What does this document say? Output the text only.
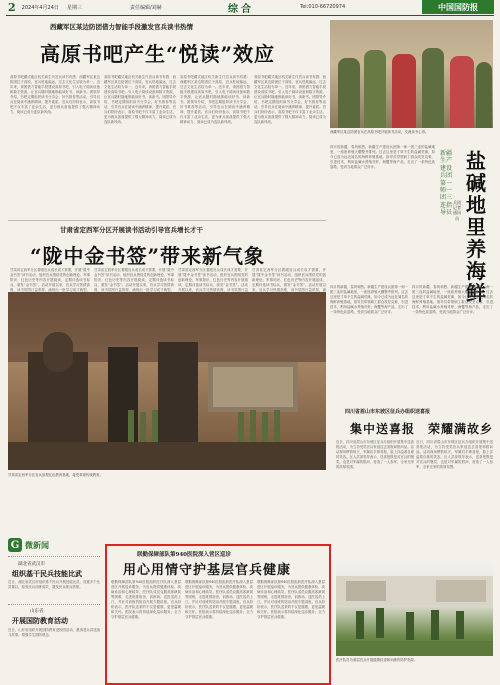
2 2024年4月24日 星期三	责任编辑/刘赫	综合	Tel:010-66720974	中国国防报
西藏军区某边防团借力智能手段激发官兵读书热情
高原书吧产生“悦读”效应
高原书吧藏式地区机关新生代官兵读书有感：西藏军区某边防团位于高原，官兵驻地偏远，过去文化生活较为单一。近年来，该团借力智能手段建设高原书吧，引入电子阅读设备和数字资源，让官兵随时随地都能读好书、读新书。团领导介绍，书吧定期组织读书分享会、好书推荐等活动，引导官兵在阅读中涵养精神、提升素质。官兵们纷纷表示，高原书吧不仅丰富了业余生活，更为练兵备战提供了强大精神动力，阅读已成为连队新风尚。
高原书吧藏式地区机关新生代官兵读书有感：西藏军区某边防团位于高原，官兵驻地偏远，过去文化生活较为单一。近年来，该团借力智能手段建设高原书吧，引入电子阅读设备和数字资源，让官兵随时随地都能读好书、读新书。团领导介绍，书吧定期组织读书分享会、好书推荐等活动，引导官兵在阅读中涵养精神、提升素质。官兵们纷纷表示，高原书吧不仅丰富了业余生活，更为练兵备战提供了强大精神动力，阅读已成为连队新风尚。
高原书吧藏式地区机关新生代官兵读书有感：西藏军区某边防团位于高原，官兵驻地偏远，过去文化生活较为单一。近年来，该团借力智能手段建设高原书吧，引入电子阅读设备和数字资源，让官兵随时随地都能读好书、读新书。团领导介绍，书吧定期组织读书分享会、好书推荐等活动，引导官兵在阅读中涵养精神、提升素质。官兵们纷纷表示，高原书吧不仅丰富了业余生活，更为练兵备战提供了强大精神动力，阅读已成为连队新风尚。
高原书吧藏式地区机关新生代官兵读书有感：西藏军区某边防团位于高原，官兵驻地偏远，过去文化生活较为单一。近年来，该团借力智能手段建设高原书吧，引入电子阅读设备和数字资源，让官兵随时随地都能读好书、读新书。团领导介绍，书吧定期组织读书分享会、好书推荐等活动，引导官兵在阅读中涵养精神、提升素质。官兵们纷纷表示，高原书吧不仅丰富了业余生活，更为练兵备战提供了强大精神动力，阅读已成为连队新风尚。
西藏军区某边防团官兵在高原书吧开展读书活动，交流读书心得。
新疆生产建设兵团第一师一团三连指导员
兵团记者 通讯员
盐碱地里养海鲜
四月的新疆，春风和煦。新疆生产建设兵团第一师一团三连的盐碱地里，一座座养殖大棚整齐排列。过去这里是寸草不生的盐碱荒滩，如今已成为远近闻名的海鲜养殖基地。指导员带领职工群众攻坚克难，引进技术，利用盐碱水养殖对虾、海蟹等海产品，走出了一条特色致富路，受到当地群众广泛好评。
四月的新疆，春风和煦。新疆生产建设兵团第一师一团三连的盐碱地里，一座座养殖大棚整齐排列。过去这里是寸草不生的盐碱荒滩，如今已成为远近闻名的海鲜养殖基地。指导员带领职工群众攻坚克难，引进技术，利用盐碱水养殖对虾、海蟹等海产品，走出了一条特色致富路，受到当地群众广泛好评。
四月的新疆，春风和煦。新疆生产建设兵团第一师一团三连的盐碱地里，一座座养殖大棚整齐排列。过去这里是寸草不生的盐碱荒滩，如今已成为远近闻名的海鲜养殖基地。指导员带领职工群众攻坚克难，引进技术，利用盐碱水养殖对虾、海蟹等海产品，走出了一条特色致富路，受到当地群众广泛好评。
甘肃省定西军分区开展读书活动引导官兵增长才干
“陇中金书签”带来新气象
甘肃省定西军分区着眼官兵成长成才需要，开展“陇中金书签”读书活动，组织官兵围绕党的创新理论、军事知识、红色历史等内容开展阅读，定期评选读书标兵，颁发“金书签”。活动开展以来，官兵学习热情高涨，读书氛围日益浓厚，涌现出一批学习成才典型。
甘肃省定西军分区着眼官兵成长成才需要，开展“陇中金书签”读书活动，组织官兵围绕党的创新理论、军事知识、红色历史等内容开展阅读，定期评选读书标兵，颁发“金书签”。活动开展以来，官兵学习热情高涨，读书氛围日益浓厚，涌现出一批学习成才典型。
甘肃省定西军分区着眼官兵成长成才需要，开展“陇中金书签”读书活动，组织官兵围绕党的创新理论、军事知识、红色历史等内容开展阅读，定期评选读书标兵，颁发“金书签”。活动开展以来，官兵学习热情高涨，读书氛围日益
甘肃省定西军分区着眼官兵成长成才需要，开展“陇中金书签”读书活动，组织官兵围绕党的创新理论、军事知识、红色历史等内容开展阅读，定期评选读书标兵，颁发“金书签”。活动开展以来，官兵学习热情高涨，读书氛围日益浓厚，涌
甘肃省定西军分区官兵参观红色教育基地，接受革命传统教育。
四川省眉山市东坡区征兵办组织送喜报
集中送喜报　荣耀满故乡
近日，四川省眉山市东坡区征兵办组织开展集中送喜报活动，为立功受奖官兵家庭送去喜报和慰问品。活动现场锣鼓喧天，军属们手捧喜报，脸上洋溢着自豪的笑容。区人武部领导表示，送喜报既是对官兵的褒奖，也是对军属的慰问，营造了一人参军、全家光荣的浓厚氛围。
近日，四川省眉山市东坡区征兵办组织开展集中送喜报活动，为立功受奖官兵家庭送去喜报和慰问品。活动现场锣鼓喧天，军属们手捧喜报，脸上洋溢着自豪的笑容。区人武部领导表示，送喜报既是对官兵的褒奖，也是对军属的慰问，营造了一人参军、全家光荣的浓厚氛围。
医疗队员为基层官兵开展健康检查和训练伤防护指导。
G 微新闻
湖北省武汉市
组织基干民兵技能比武
近日，湖北省武汉市组织基干民兵开展技能比武，设置多个比武课目，检验民兵训练成效，激发民兵练兵热情。
山东省
开展国防教育活动
近日，山东省组织开展国防教育进校园活动，邀请老兵讲述战斗故事，增强学生国防观念。
联勤保障部队第940医院深入营区巡诊
用心用情守护基层官兵健康
联勤保障部队第940医院组织医疗队深入基层营区开展巡诊服务，为官兵提供健康体检、疾病诊治和心理疏导。医疗队成员克服高寒缺氧等困难，走进班排宿舍、训练场，送医送药上门，并针对训练伤防治开展专题讲座。官兵纷纷表示，医疗队送来的不仅是健康，更是温暖和关怀。医院表示将持续深化巡诊服务，全力守护基层官兵健康。
联勤保障部队第940医院组织医疗队深入基层营区开展巡诊服务，为官兵提供健康体检、疾病诊治和心理疏导。医疗队成员克服高寒缺氧等困难，走进班排宿舍、训练场，送医送药上门，并针对训练伤防治开展专题讲座。官兵纷纷表示，医疗队送来的不仅是健康，更是温暖和关怀。医院表示将持续深化巡诊服务，全力守护基层官兵健康。
联勤保障部队第940医院组织医疗队深入基层营区开展巡诊服务，为官兵提供健康体检、疾病诊治和心理疏导。医疗队成员克服高寒缺氧等困难，走进班排宿舍、训练场，送医送药上门，并针对训练伤防治开展专题讲座。官兵纷纷表示，医疗队送来的不仅是健康，更是温暖和关怀。医院表示将持续深化巡诊服务，全力守护基层官兵健康。
